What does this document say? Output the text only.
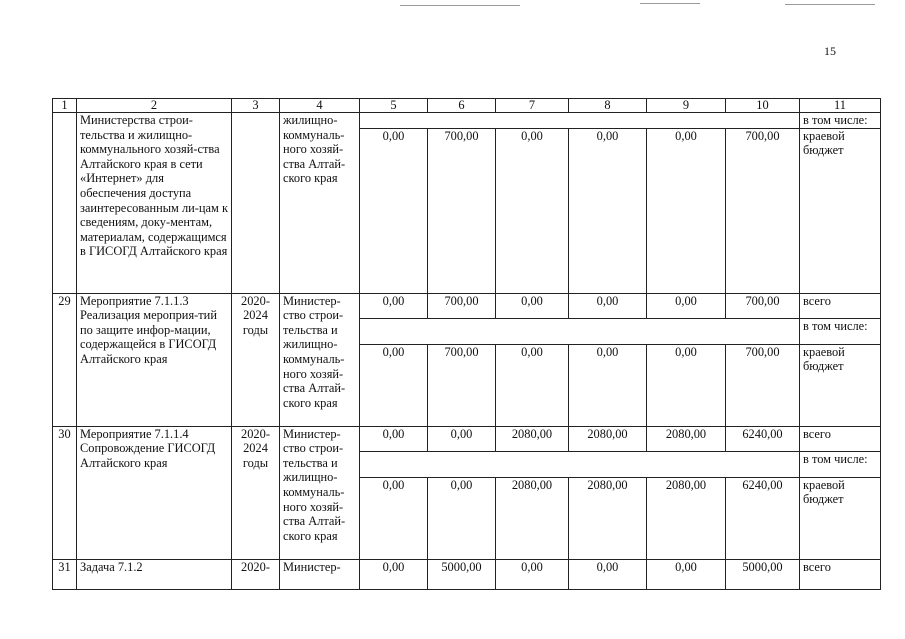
15
1	2	3	4	5	6	7	8	9	10	11
	Министерства строи-тельства и жилищно-коммунального хозяй-ства Алтайского края в сети «Интернет» для обеспечения доступа заинтересованным ли-цам к сведениям, доку-ментам, материалам, содержащимся в ГИСОГД Алтайского края		жилищно-коммуналь-ного хозяй-ства Алтай-ского края							в том числе:
				0,00	700,00	0,00	0,00	0,00	700,00	краевой бюджет
29	Мероприятие 7.1.1.3 Реализация мероприя-тий по защите инфор-мации, содержащейся в ГИСОГД Алтайского края	2020-2024 годы	Министер-ство строи-тельства и жилищно-коммуналь-ного хозяй-ства Алтай-ского края	0,00	700,00	0,00	0,00	0,00	700,00	всего
										в том числе:
				0,00	700,00	0,00	0,00	0,00	700,00	краевой бюджет
30	Мероприятие 7.1.1.4 Сопровождение ГИСОГД Алтайского края	2020-2024 годы	Министер-ство строи-тельства и жилищно-коммуналь-ного хозяй-ства Алтай-ского края	0,00	0,00	2080,00	2080,00	2080,00	6240,00	всего
										в том числе:
				0,00	0,00	2080,00	2080,00	2080,00	6240,00	краевой бюджет
31	Задача 7.1.2	2020-	Министер-	0,00	5000,00	0,00	0,00	0,00	5000,00	всего
